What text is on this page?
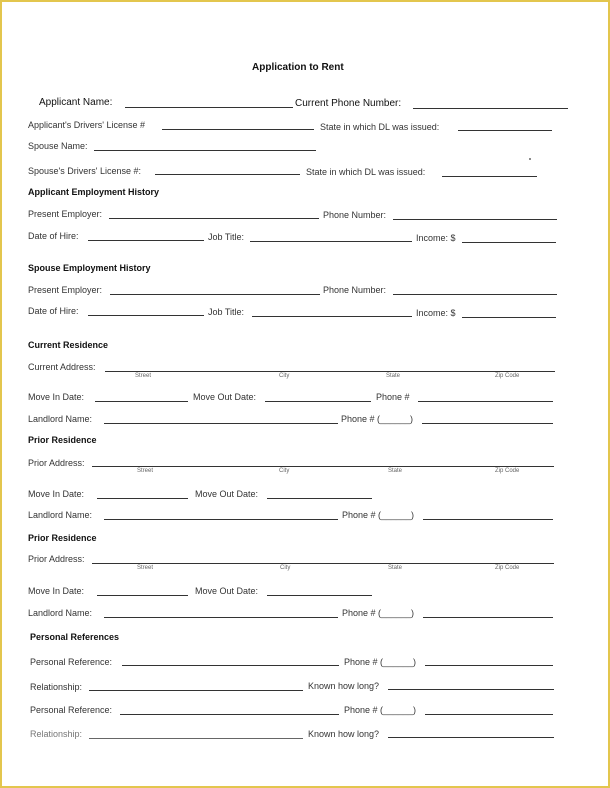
Application to Rent
Applicant Name:	Current Phone Number:
Applicant's Drivers' License #	State in which DL was issued:
Spouse Name:
Spouse's Drivers' License #:	State in which DL was issued:
Applicant Employment History
Present Employer:	Phone Number:
Date of Hire:	Job Title:	Income: $
Spouse Employment History
Present Employer:	Phone Number:
Date of Hire:	Job Title:	Income: $
Current Residence
Current Address:
Street	City	State	Zip Code
Move In Date:	Move Out Date:	Phone #
Landlord Name:	Phone # (______)
Prior Residence
Prior Address:
Street	City	State	Zip Code
Move In Date:	Move Out Date:
Landlord Name:	Phone # (______)
Prior Residence
Prior Address:
Street	City	State	Zip Code
Move In Date:	Move Out Date:
Landlord Name:	Phone # (______)
Personal References
Personal Reference:	Phone # (______)
Relationship:	Known how long?
Personal Reference:	Phone # (______)
Relationship:	Known how long?
